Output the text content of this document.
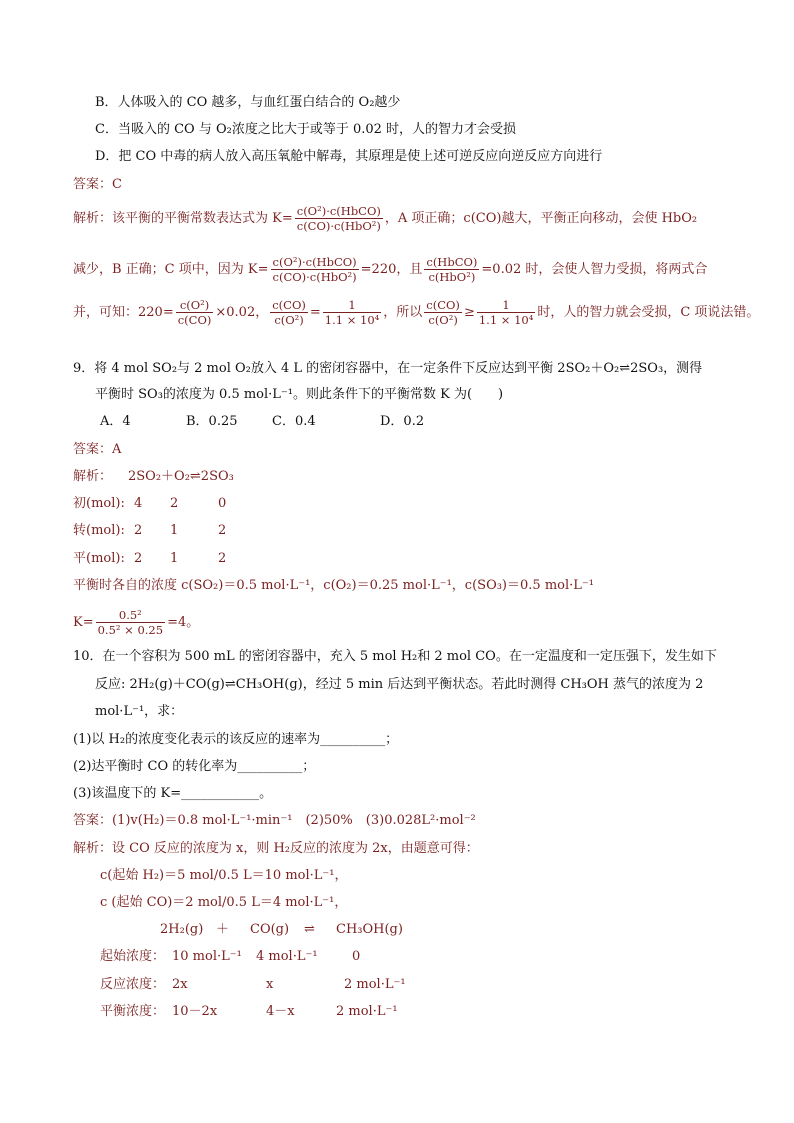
B．人体吸入的 CO 越多，与血红蛋白结合的 O₂越少
C．当吸入的 CO 与 O₂浓度之比大于或等于 0.02 时，人的智力才会受损
D．把 CO 中毒的病人放入高压氧舱中解毒，其原理是使上述可逆反应向逆反应方向进行
答案：C
解析：该平衡的平衡常数表达式为 $K= \frac{\text{c(O²)·c(HbCO)}}{\text{c(CO)·c(HbO²)}}$ ，A 项正确；c(CO)越大，平衡正向移动，会使 HbO₂
减少，B 正确；C 项中，因为 $K= \frac{\text{c(O²)·c(HbCO)}}{\text{c(CO)·c(HbO²)}} =220$，且 $\frac{\text{c(HbCO)}}{\text{c(HbO²)}} =0.02$ 时，会使人智力受损，将两式合
并，可知：$220= \frac{\text{c(O²)}}{c(CO)} \times 0.02$， $\frac{c(CO)}{\text{c(O²)}} = \frac{1}{\text{1.1 × 10⁴}}$ ，所以 $\frac{c(CO)}{\text{c(O²)}} \ge \frac{1}{\text{1.1 × 10⁴}}$ 时，人的智力就会受损，C 项说法错。
9．将 4 mol SO₂与 2 mol O₂放入 4 L 的密闭容器中，在一定条件下反应达到平衡 2SO₂＋O₂⇌2SO₃，测得
平衡时 SO₃的浓度为 0.5 mol·L⁻¹。则此条件下的平衡常数 K 为(　　)
A．4	B．0.25	C．0.4	D．0.2
答案：A
解析： 2SO₂＋O₂⇌2SO₃
初(mol): 4 2	0
转(mol): 2 1	2
平(mol): 2 1	2
平衡时各自的浓度 c(SO₂)＝0.5 mol·L⁻¹，c(O₂)＝0.25 mol·L⁻¹，c(SO₃)＝0.5 mol·L⁻¹
$K= \frac{\text{0.5²}}{\text{0.5² × 0.25}} =4$。
10．在一个容积为 500 mL 的密闭容器中，充入 5 mol H₂和 2 mol CO。在一定温度和一定压强下，发生如下
反应: 2H₂(g)＋CO(g)⇌CH₃OH(g)，经过 5 min 后达到平衡状态。若此时测得 CH₃OH 蒸气的浓度为 2
mol·L⁻¹，求：
(1)以 H₂的浓度变化表示的该反应的速率为__________；
(2)达平衡时 CO 的转化率为__________；
(3)该温度下的 K=____________。
答案：(1)v(H₂)＝0.8 mol·L⁻¹·min⁻¹　(2)50%　(3)0.028L²·mol⁻²
解析：设 CO 反应的浓度为 x，则 H₂反应的浓度为 2x，由题意可得：
c(起始 H₂)＝5 mol/0.5 L＝10 mol·L⁻¹，
c (起始 CO)＝2 mol/0.5 L＝4 mol·L⁻¹，
2H₂(g) ＋ CO(g) ⇌ CH₃OH(g)
起始浓度： 10 mol·L⁻¹ 4 mol·L⁻¹	0
反应浓度： 2x	x	2 mol·L⁻¹
平衡浓度： 10－2x	4－x	2 mol·L⁻¹
